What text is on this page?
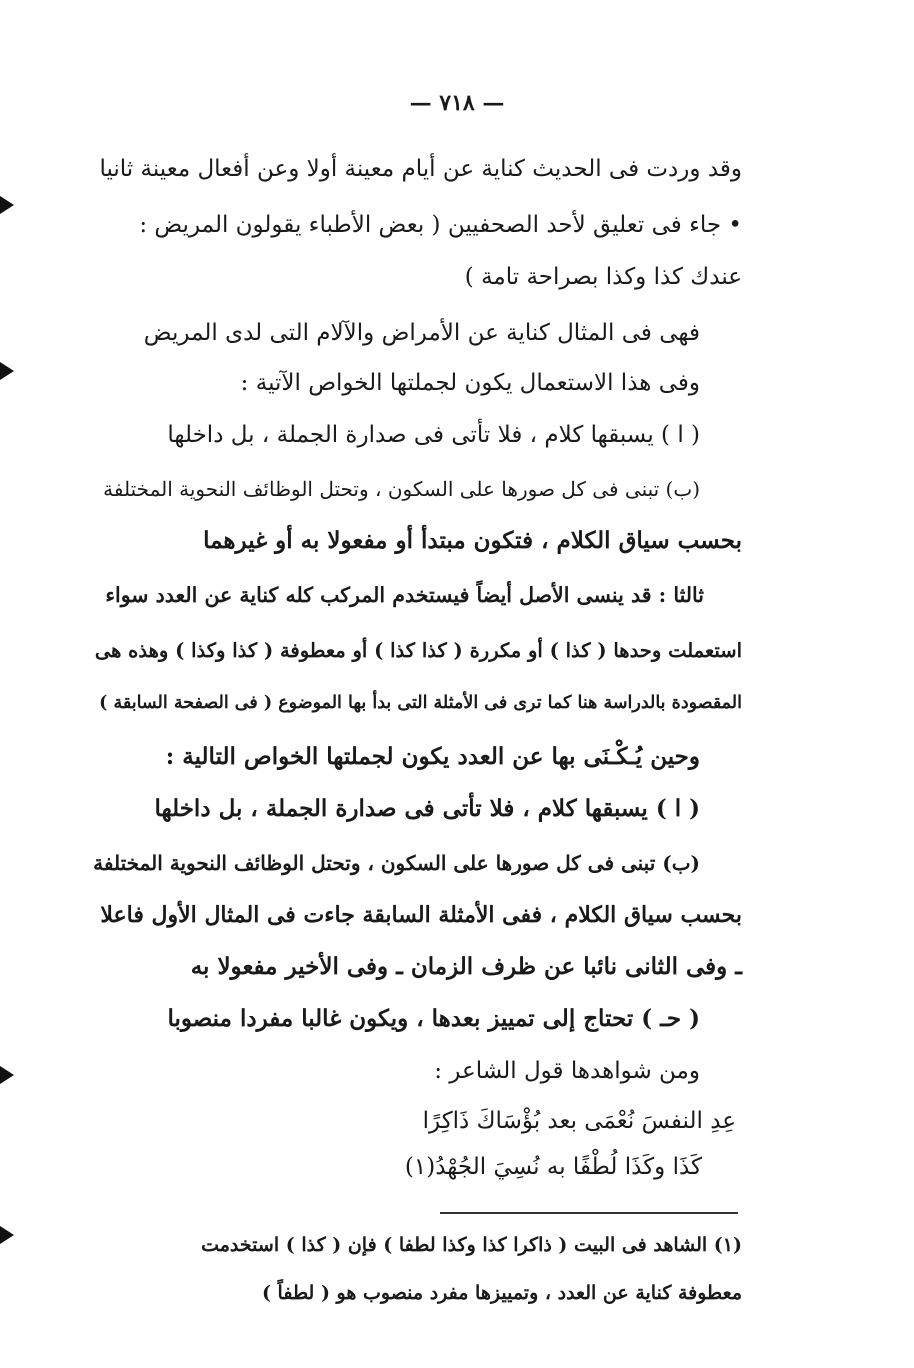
— ٧١٨ —
وقد وردت فى الحديث كناية عن أيام معينة أولا وعن أفعال معينة ثانيا
• جاء فى تعليق لأحد الصحفيين ( بعض الأطباء يقولون المريض :
عندك كذا وكذا بصراحة تامة )
فهى فى المثال كناية عن الأمراض والآلام التى لدى المريض
وفى هذا الاستعمال يكون لجملتها الخواص الآتية :
( ا ) يسبقها كلام ، فلا تأتى فى صدارة الجملة ، بل داخلها
(ب) تبنى فى كل صورها على السكون ، وتحتل الوظائف النحوية المختلفة
بحسب سياق الكلام ، فتكون مبتدأ أو مفعولا به أو غيرهما
ثالثا : قد ينسى الأصل أيضاً فيستخدم المركب كله كناية عن العدد سواء
استعملت وحدها ( كذا ) أو مكررة ( كذا كذا ) أو معطوفة ( كذا وكذا ) وهذه هى
المقصودة بالدراسة هنا كما ترى فى الأمثلة التى بدأ بها الموضوع ( فى الصفحة السابقة )
وحين يُـكْـنَى بها عن العدد يكون لجملتها الخواص التالية :
( ا ) يسبقها كلام ، فلا تأتى فى صدارة الجملة ، بل داخلها
(ب) تبنى فى كل صورها على السكون ، وتحتل الوظائف النحوية المختلفة
بحسب سياق الكلام ، ففى الأمثلة السابقة جاءت فى المثال الأول فاعلا
ـ وفى الثانى نائبا عن ظرف الزمان ـ وفى الأخير مفعولا به
( حـ ) تحتاج إلى تمييز بعدها ، ويكون غالبا مفردا منصوبا
ومن شواهدها قول الشاعر :
عِدِ النفسَ نُعْمَى بعد بُؤْسَاكَ ذَاكِرًا
كَذَا وكَذَا لُطْفًا به نُسِيَ الجُهْدُ(١)
(١) الشاهد فى البيت ( ذاكرا كذا وكذا لطفا ) فإن ( كذا ) استخدمت
معطوفة كناية عن العدد ، وتمييزها مفرد منصوب هو ( لطفاً )
